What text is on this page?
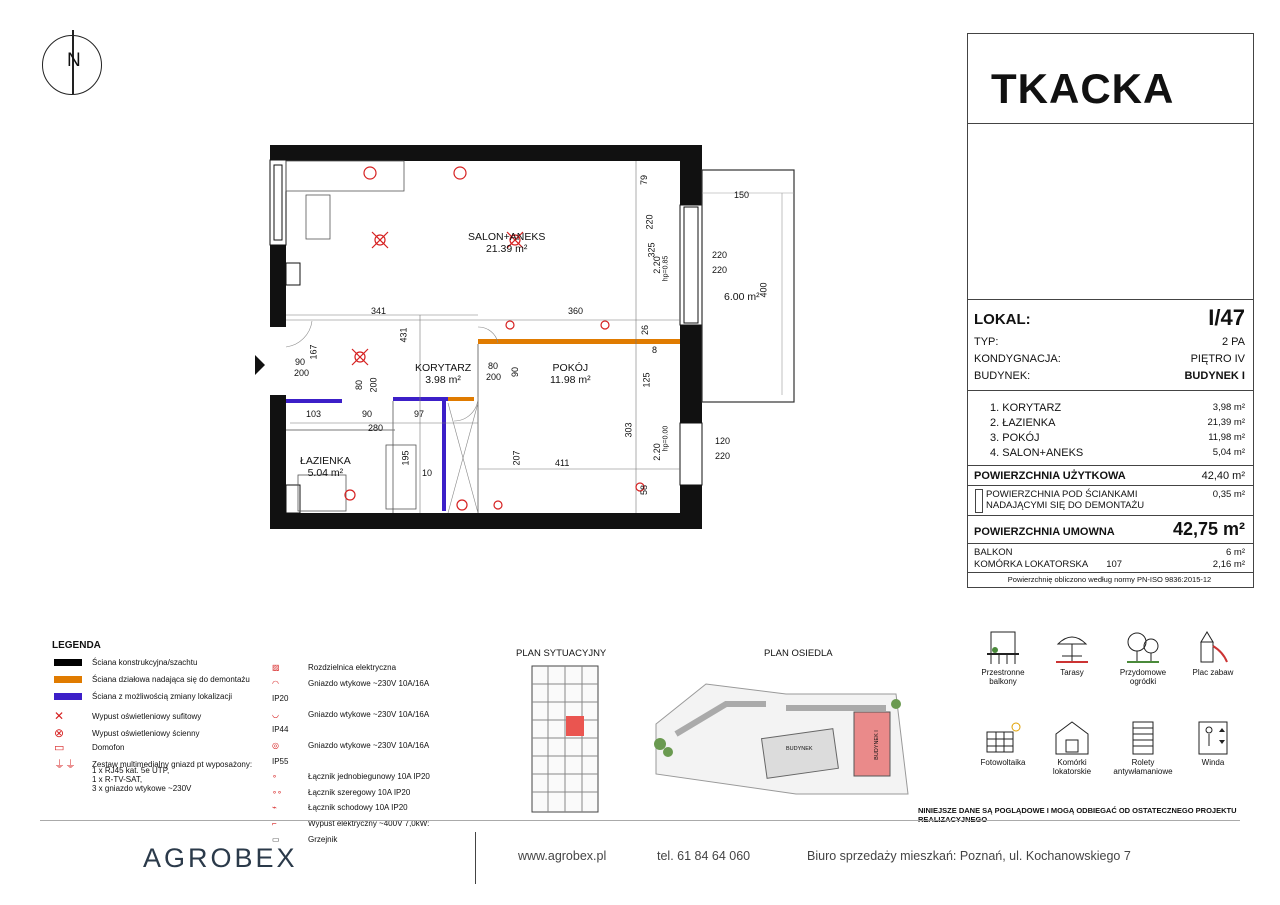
N
SALON+ANEKS
21.39 m²
KORYTARZ
3.98 m²
POKÓJ
11.98 m²
ŁAZIENKA
5.04 m²
6.00 m²
150
400
220
220
341	360
431
325
79
26
8
125
303
58
207	411
103	90	97
280
195
10
80
200 90
167
90
200
120
220
80 200
2.20
2.20
hp=0.85
hp=0.00
220
TKACKA
LOKAL:	I/47
TYP:	2 PA
KONDYGNACJA:	PIĘTRO IV
BUDYNEK:	BUDYNEK I
1. KORYTARZ	3,98 m²
2. ŁAZIENKA	21,39 m²
3. POKÓJ	11,98 m²
4. SALON+ANEKS	5,04 m²
POWIERZCHNIA UŻYTKOWA	42,40 m²
POWIERZCHNIA POD ŚCIANKAMI
NADAJĄCYMI SIĘ DO DEMONTAŻU
0,35 m²
POWIERZCHNIA UMOWNA	42,75 m²
BALKON	6 m²
KOMÓRKA LOKATORSKA 107	2,16 m²
Powierzchnię obliczono według normy PN-ISO 9836:2015-12
LEGENDA
Ściana konstrukcyjna/szachtu
Ściana działowa nadająca się do demontażu
Ściana z możliwością zmiany lokalizacji
✕	Wypust oświetleniowy sufitowy
⊗	Wypust oświetleniowy ścienny
▭	Domofon
⏚⏚	Zestaw multimedialny gniazd pt wyposażony:
1 x RJ45 kat. 5e UTP,
1 x R-TV-SAT,
3 x gniazdo wtykowe ~230V
▨	Rozdzielnica elektryczna
◠	Gniazdo wtykowe ~230V 10A/16A IP20
◡	Gniazdo wtykowe ~230V 10A/16A IP44
◎	Gniazdo wtykowe ~230V 10A/16A IP55
∘	Łącznik jednobiegunowy 10A IP20
∘∘	Łącznik szeregowy 10A IP20
⌁	Łącznik schodowy 10A IP20
⌐	Wypust elektryczny ~400V 7,0kW:
▭	Grzejnik
PLAN SYTUACYJNY	PLAN OSIEDLA
BUDYNEK	BUDYNEK I
Przestronne
balkony
Tarasy	Przydomowe
ogródki
Plac zabaw
Fotowoltaika	Komórki
lokatorskie
Rolety
antywłamaniowe
Winda
NINIEJSZE DANE SĄ POGLĄDOWE I MOGĄ ODBIEGAĆ OD OSTATECZNEGO PROJEKTU REALIZACYJNEGO
AGROBEX	www.agrobex.pl	tel. 61 84 64 060	Biuro sprzedaży mieszkań: Poznań, ul. Kochanowskiego 7
